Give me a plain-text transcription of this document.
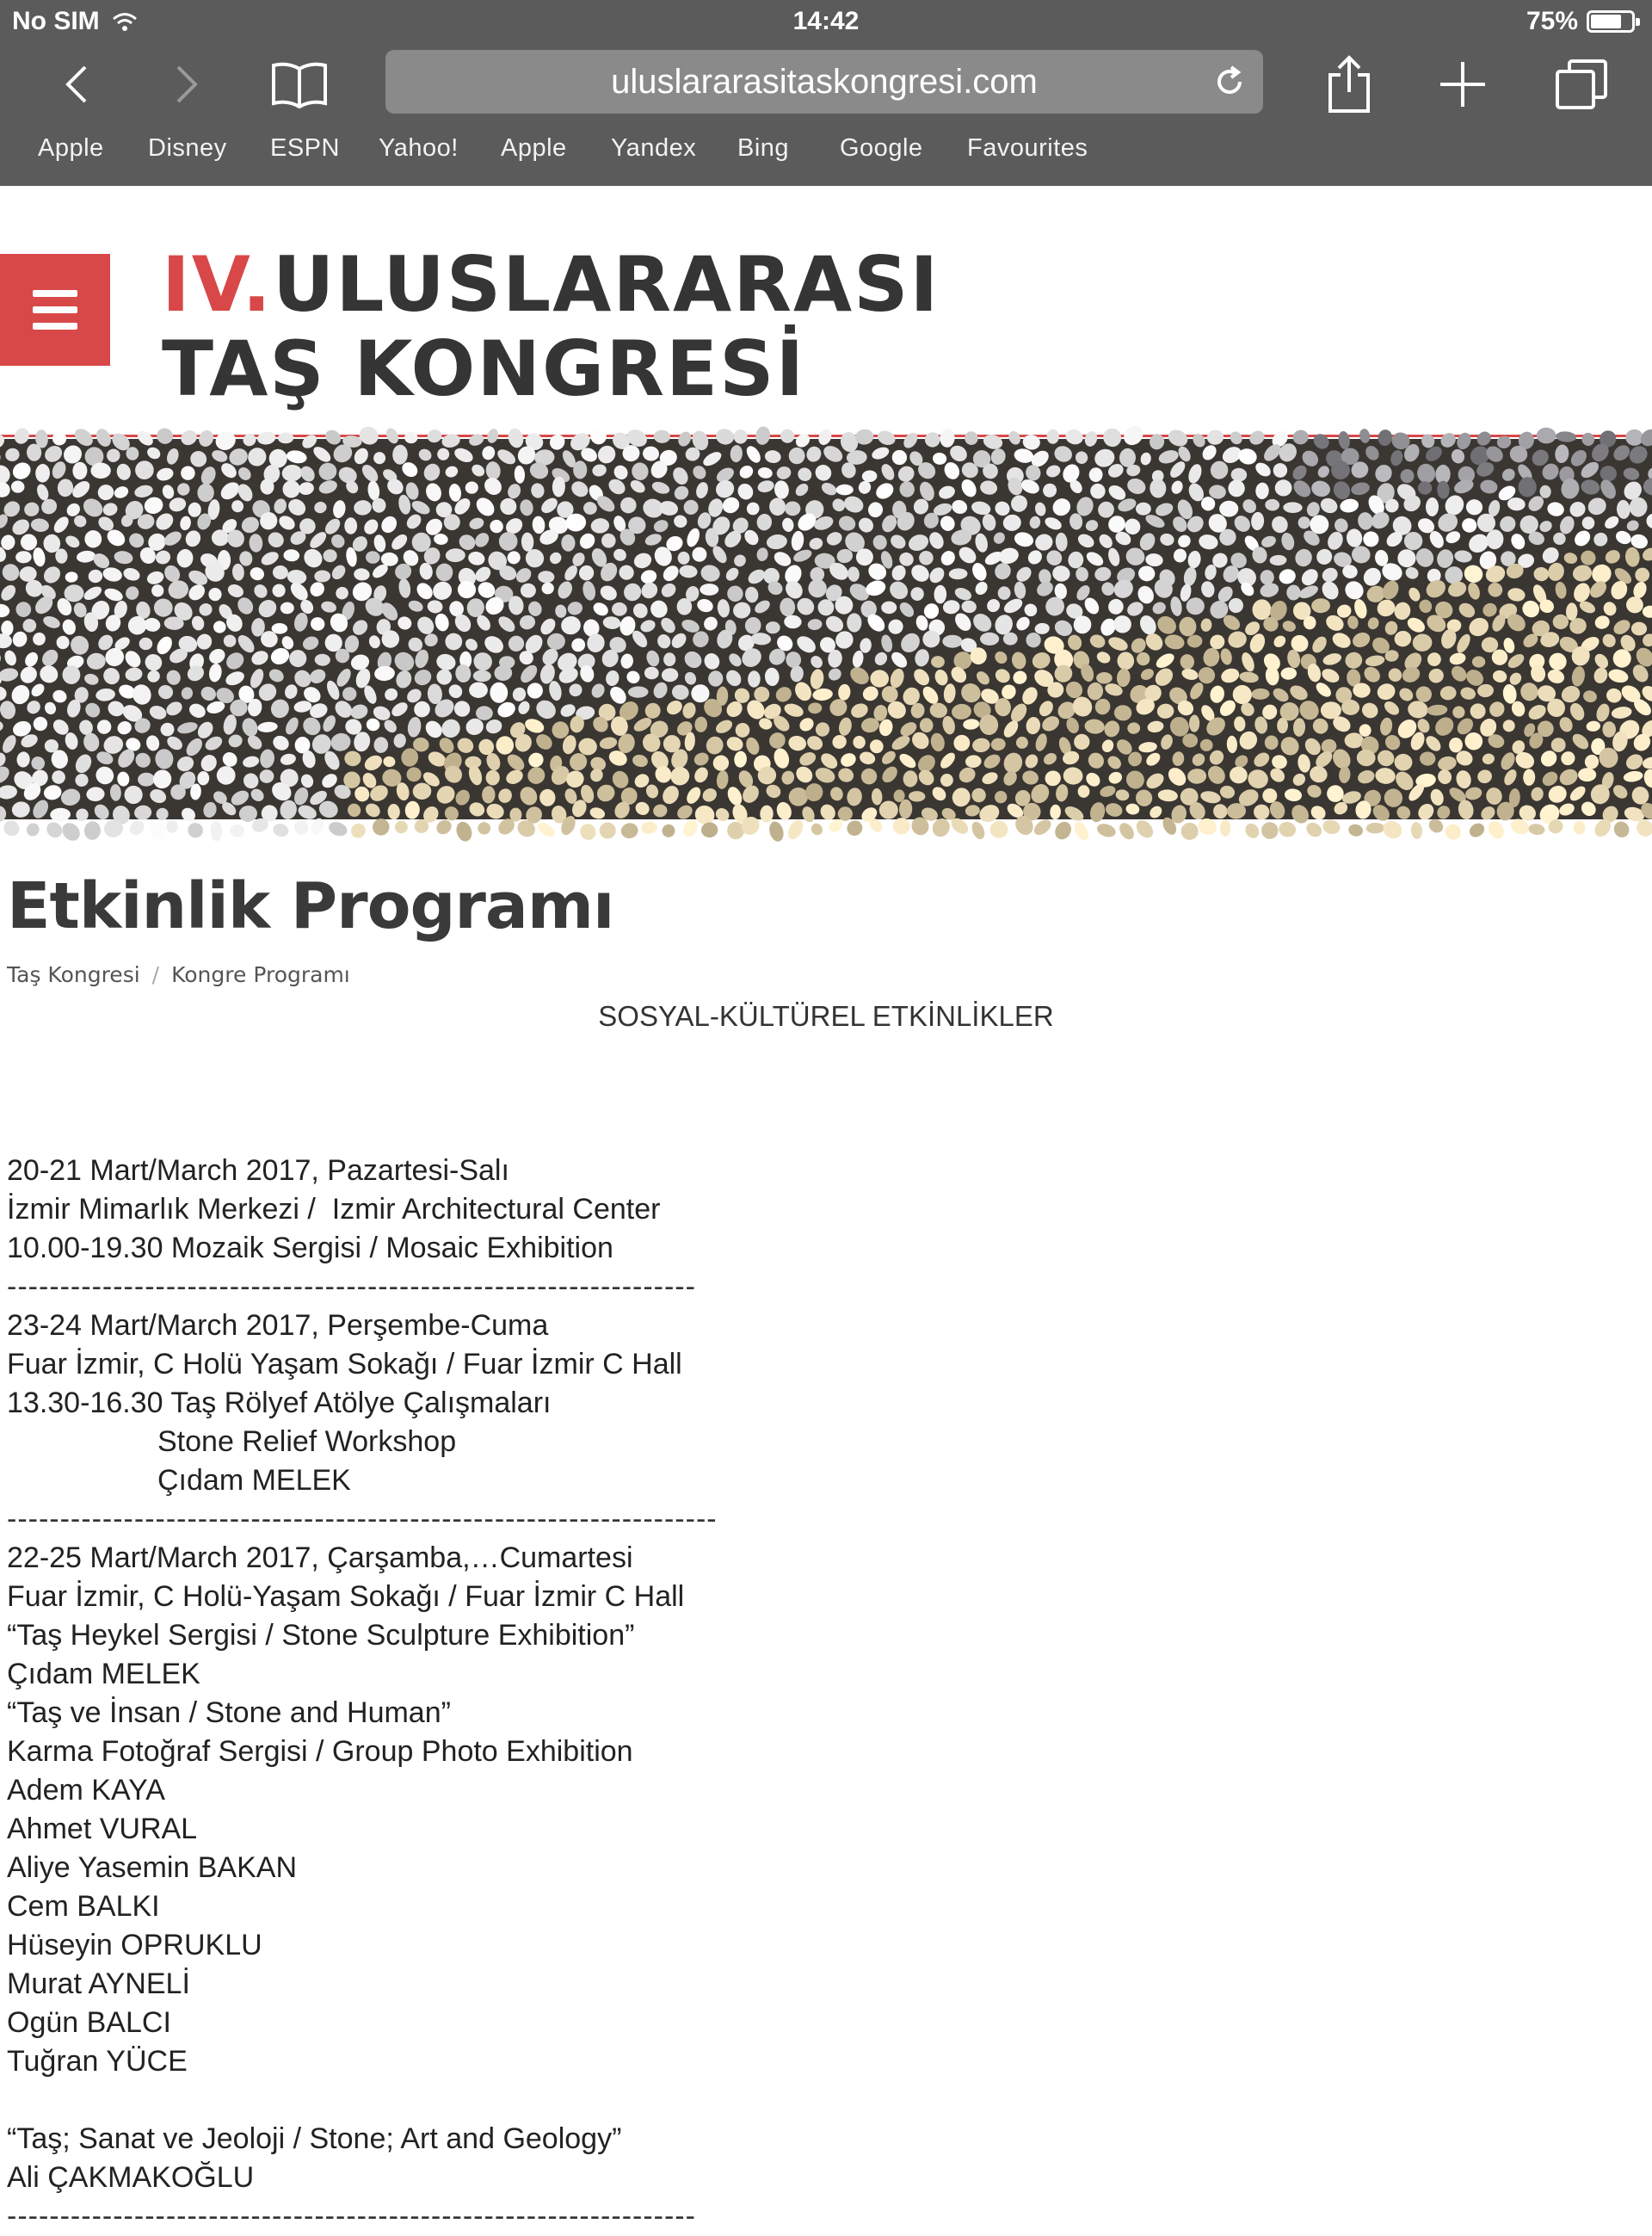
No SIM	14:42	75%
uluslararasitaskongresi.com
Apple Disney ESPN Yahoo! Apple Yandex Bing Google Favourites
IV.ULUSLARARASI
TAŞ KONGRESİ
Etkinlik Programı
Taş Kongresi / Kongre Programı
SOSYAL-KÜLTÜREL ETKİNLİKLER
20-21 Mart/March 2017, Pazartesi-Salı
İzmir Mimarlık Merkezi /  Izmir Architectural Center
10.00-19.30 Mozaik Sergisi / Mosaic Exhibition
-----------------------------------------------------------------
23-24 Mart/March 2017, Perşembe-Cuma
Fuar İzmir, C Holü Yaşam Sokağı / Fuar İzmir C Hall
13.30-16.30 Taş Rölyef Atölye Çalışmaları
Stone Relief Workshop
Çıdam MELEK
-------------------------------------------------------------------
22-25 Mart/March 2017, Çarşamba,…Cumartesi
Fuar İzmir, C Holü-Yaşam Sokağı / Fuar İzmir C Hall
“Taş Heykel Sergisi / Stone Sculpture Exhibition”
Çıdam MELEK
“Taş ve İnsan / Stone and Human”
Karma Fotoğraf Sergisi / Group Photo Exhibition
Adem KAYA
Ahmet VURAL
Aliye Yasemin BAKAN
Cem BALKI
Hüseyin OPRUKLU
Murat AYNELİ
Ogün BALCI
Tuğran YÜCE
“Taş; Sanat ve Jeoloji / Stone; Art and Geology”
Ali ÇAKMAKOĞLU
-----------------------------------------------------------------
